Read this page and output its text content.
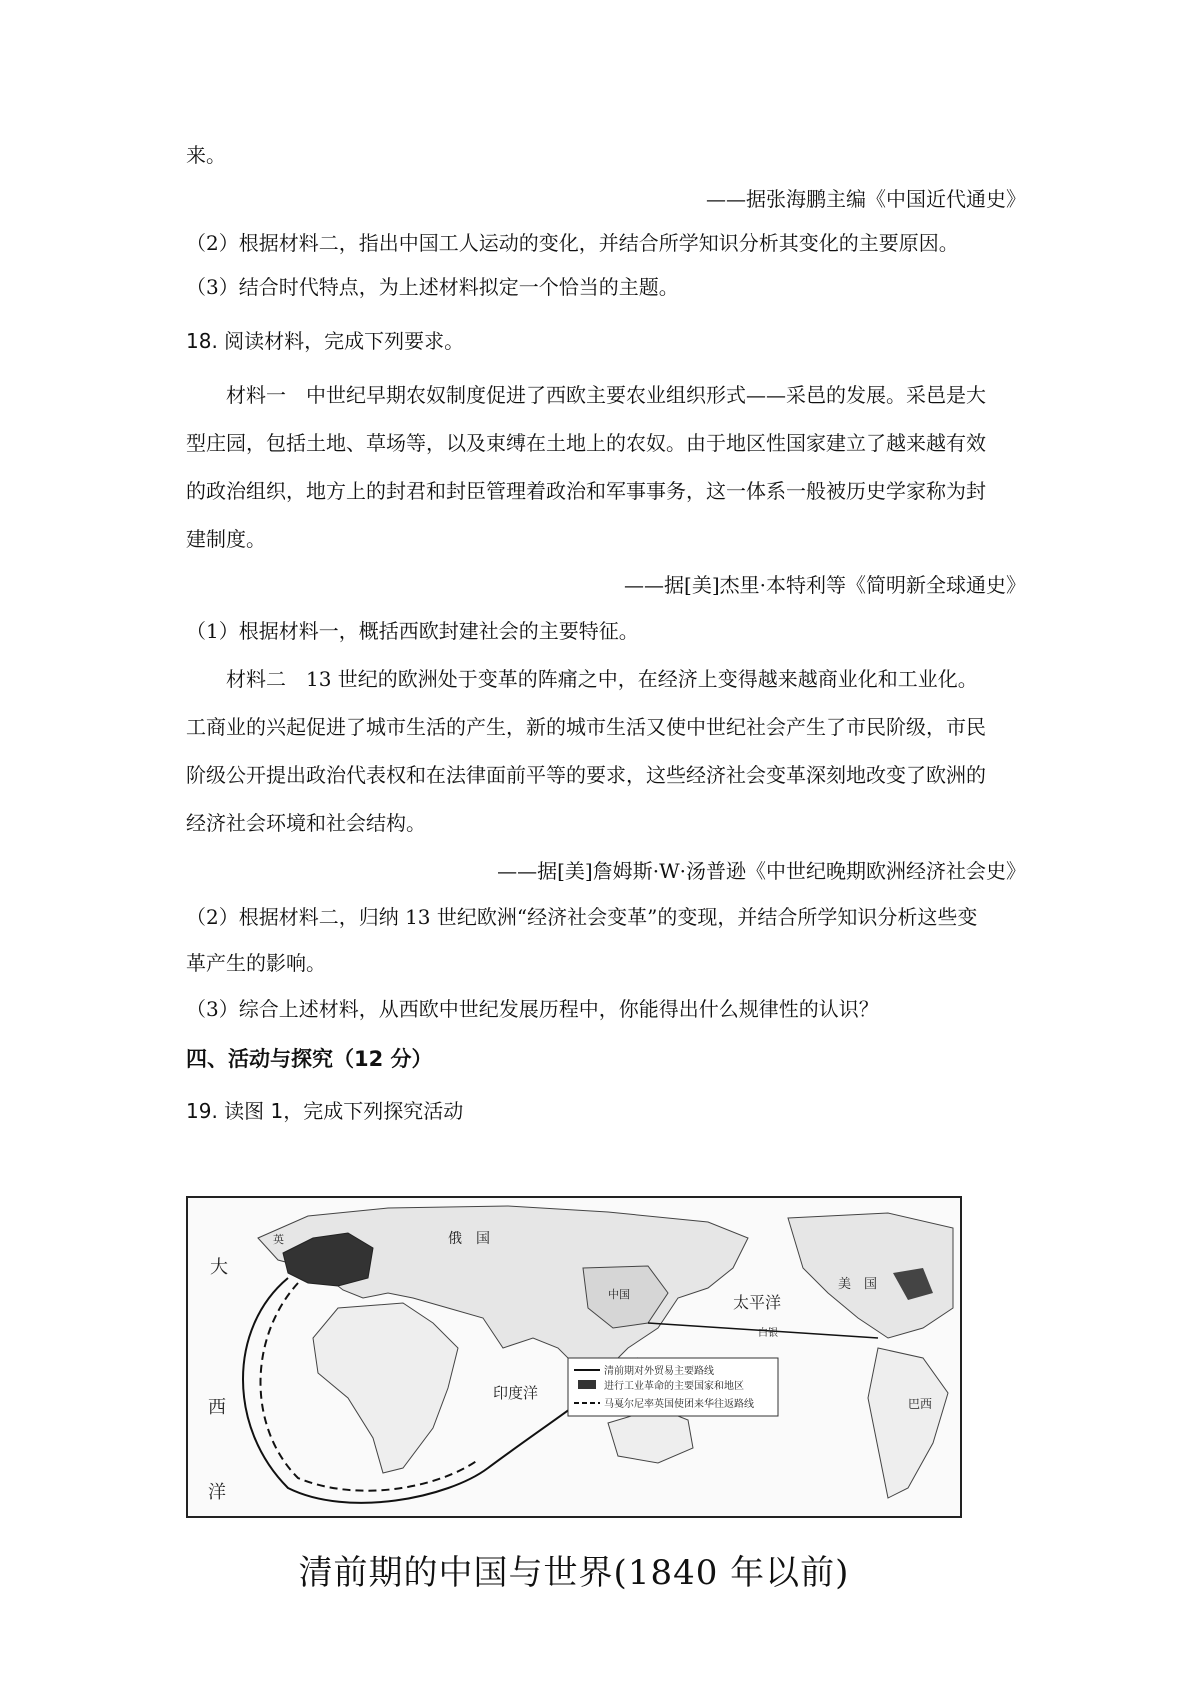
来。

——据张海鹏主编《中国近代通史》

（2）根据材料二，指出中国工人运动的变化，并结合所学知识分析其变化的主要原因。

（3）结合时代特点，为上述材料拟定一个恰当的主题。

18. 阅读材料，完成下列要求。

材料一　中世纪早期农奴制度促进了西欧主要农业组织形式——采邑的发展。采邑是大

型庄园，包括土地、草场等，以及束缚在土地上的农奴。由于地区性国家建立了越来越有效

的政治组织，地方上的封君和封臣管理着政治和军事事务，这一体系一般被历史学家称为封

建制度。

——据[美]杰里·本特利等《简明新全球通史》

（1）根据材料一，概括西欧封建社会的主要特征。

材料二　13 世纪的欧洲处于变革的阵痛之中，在经济上变得越来越商业化和工业化。

工商业的兴起促进了城市生活的产生，新的城市生活又使中世纪社会产生了市民阶级，市民

阶级公开提出政治代表权和在法律面前平等的要求，这些经济社会变革深刻地改变了欧洲的

经济社会环境和社会结构。

——据[美]詹姆斯·W·汤普逊《中世纪晚期欧洲经济社会史》

（2）根据材料二，归纳 13 世纪欧洲“经济社会变革”的变现，并结合所学知识分析这些变

革产生的影响。

（3）综合上述材料，从西欧中世纪发展历程中，你能得出什么规律性的认识？

四、活动与探究（12 分）

19. 读图 1，完成下列探究活动

清前期对外贸易主要路线
进行工业革命的主要国家和地区
马戛尔尼率英国使团来华往返路线
俄　国
英
大
西
洋
中国	太平洋
印度洋
美　国
巴西
白银
清前期的中国与世界(1840 年以前)
